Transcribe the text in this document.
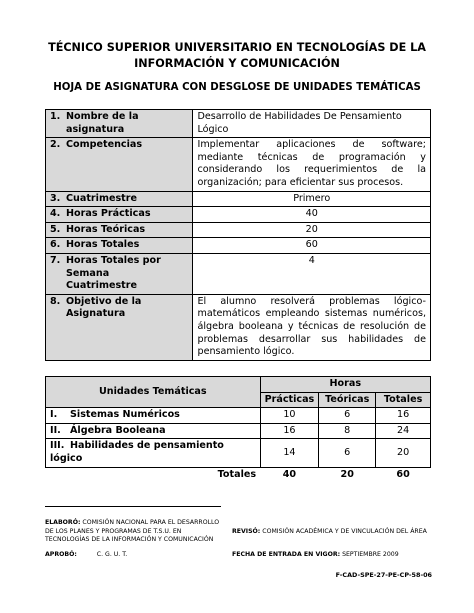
TÉCNICO SUPERIOR UNIVERSITARIO EN TECNOLOGÍAS DE LA
INFORMACIÓN Y COMUNICACIÓN
HOJA DE ASIGNATURA CON DESGLOSE DE UNIDADES TEMÁTICAS
1. Nombre de la asignatura	Desarrollo de Habilidades De Pensamiento Lógico
2. Competencias	Implementar aplicaciones de software; mediante técnicas de programación y considerando los requerimientos de la organización; para eficientar sus procesos.
3. Cuatrimestre	Primero
4. Horas Prácticas	40
5. Horas Teóricas	20
6. Horas Totales	60
7. Horas Totales por Semana Cuatrimestre	4
8. Objetivo de la Asignatura	El alumno resolverá problemas lógico-matemáticos empleando sistemas numéricos, álgebra booleana y técnicas de resolución de problemas desarrollar sus habilidades de pensamiento lógico.
Unidades Temáticas	Horas		
	Prácticas	Teóricas	Totales
I. Sistemas Numéricos	10	6	16
II. Álgebra Booleana	16	8	24
III. Habilidades de pensamiento lógico	14	6	20
Totales	40	20	60
ELABORÓ: COMISIÓN NACIONAL PARA EL DESARROLLO DE LOS PLANES Y PROGRAMAS DE T.S.U. EN TECNOLOGÍAS DE LA INFORMACIÓN Y COMUNICACIÓN
REVISÓ: COMISIÓN ACADÉMICA Y DE VINCULACIÓN DEL ÁREA
APROBÓ:	C. G. U. T.	FECHA DE ENTRADA EN VIGOR: SEPTIEMBRE 2009
F-CAD-SPE-27-PE-CP-58-06
